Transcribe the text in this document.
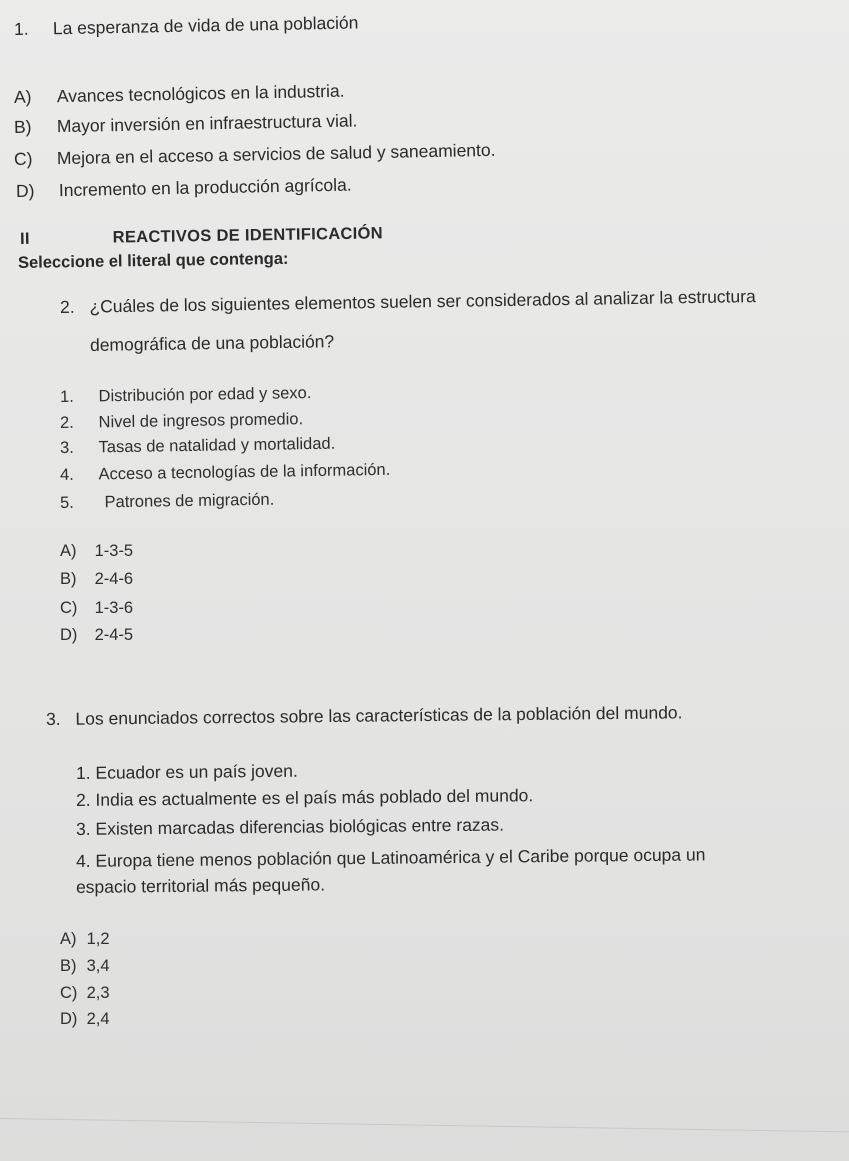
1. La esperanza de vida de una población
A) Avances tecnológicos en la industria.
B) Mayor inversión en infraestructura vial.
C) Mejora en el acceso a servicios de salud y saneamiento.
D) Incremento en la producción agrícola.
II	REACTIVOS DE IDENTIFICACIÓN
Seleccione el literal que contenga:
2. ¿Cuáles de los siguientes elementos suelen ser considerados al analizar la estructura
demográfica de una población?
1. Distribución por edad y sexo.
2. Nivel de ingresos promedio.
3. Tasas de natalidad y mortalidad.
4. Acceso a tecnologías de la información.
5. Patrones de migración.
A) 1-3-5
B) 2-4-6
C) 1-3-6
D) 2-4-5
3. Los enunciados correctos sobre las características de la población del mundo.
1. Ecuador es un país joven.
2. India es actualmente es el país más poblado del mundo.
3. Existen marcadas diferencias biológicas entre razas.
4. Europa tiene menos población que Latinoamérica y el Caribe porque ocupa un
espacio territorial más pequeño.
A) 1,2
B) 3,4
C) 2,3
D) 2,4
